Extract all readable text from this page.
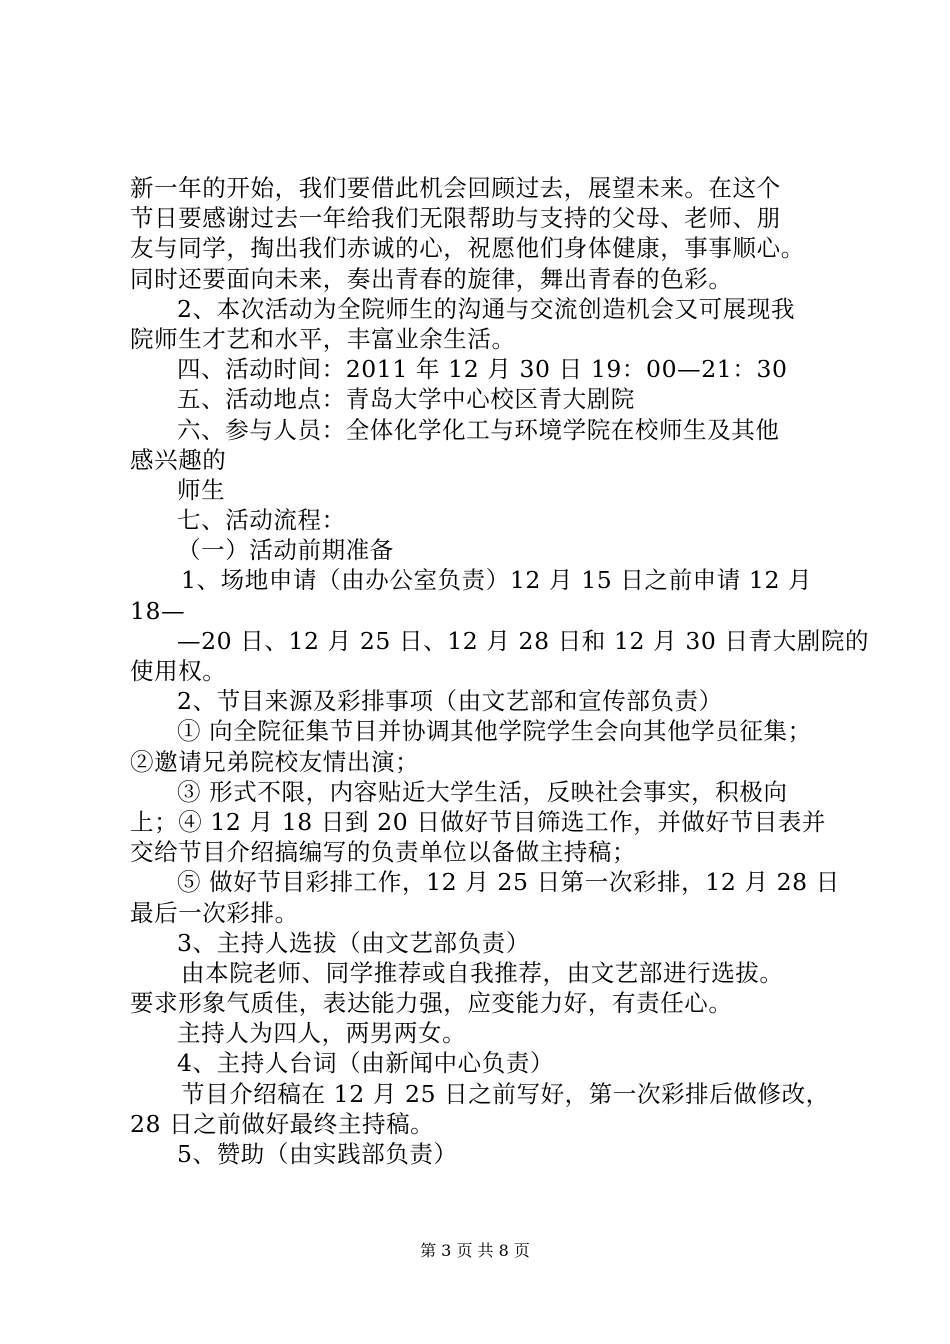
新一年的开始，我们要借此机会回顾过去，展望未来。在这个
节日要感谢过去一年给我们无限帮助与支持的父母、老师、朋
友与同学，掏出我们赤诚的心，祝愿他们身体健康，事事顺心。
同时还要面向未来，奏出青春的旋律，舞出青春的色彩。
2、本次活动为全院师生的沟通与交流创造机会又可展现我
院师生才艺和水平，丰富业余生活。
四、活动时间：2011 年 12 月 30 日 19：00—21：30
五、活动地点：青岛大学中心校区青大剧院
六、参与人员：全体化学化工与环境学院在校师生及其他
感兴趣的
师生
七、活动流程：
（一）活动前期准备
1、场地申请（由办公室负责）12 月 15 日之前申请 12 月
18—
—20 日、12 月 25 日、12 月 28 日和 12 月 30 日青大剧院的
使用权。
2、节目来源及彩排事项（由文艺部和宣传部负责）
① 向全院征集节目并协调其他学院学生会向其他学员征集；
②邀请兄弟院校友情出演；
③ 形式不限，内容贴近大学生活，反映社会事实，积极向
上；④ 12 月 18 日到 20 日做好节目筛选工作，并做好节目表并
交给节目介绍搞编写的负责单位以备做主持稿；
⑤ 做好节目彩排工作，12 月 25 日第一次彩排，12 月 28 日
最后一次彩排。
3、主持人选拔（由文艺部负责）
由本院老师、同学推荐或自我推荐，由文艺部进行选拔。
要求形象气质佳，表达能力强，应变能力好，有责任心。
主持人为四人，两男两女。
4、主持人台词（由新闻中心负责）
节目介绍稿在 12 月 25 日之前写好，第一次彩排后做修改，
28 日之前做好最终主持稿。
5、赞助（由实践部负责）
第 3 页 共 8 页
